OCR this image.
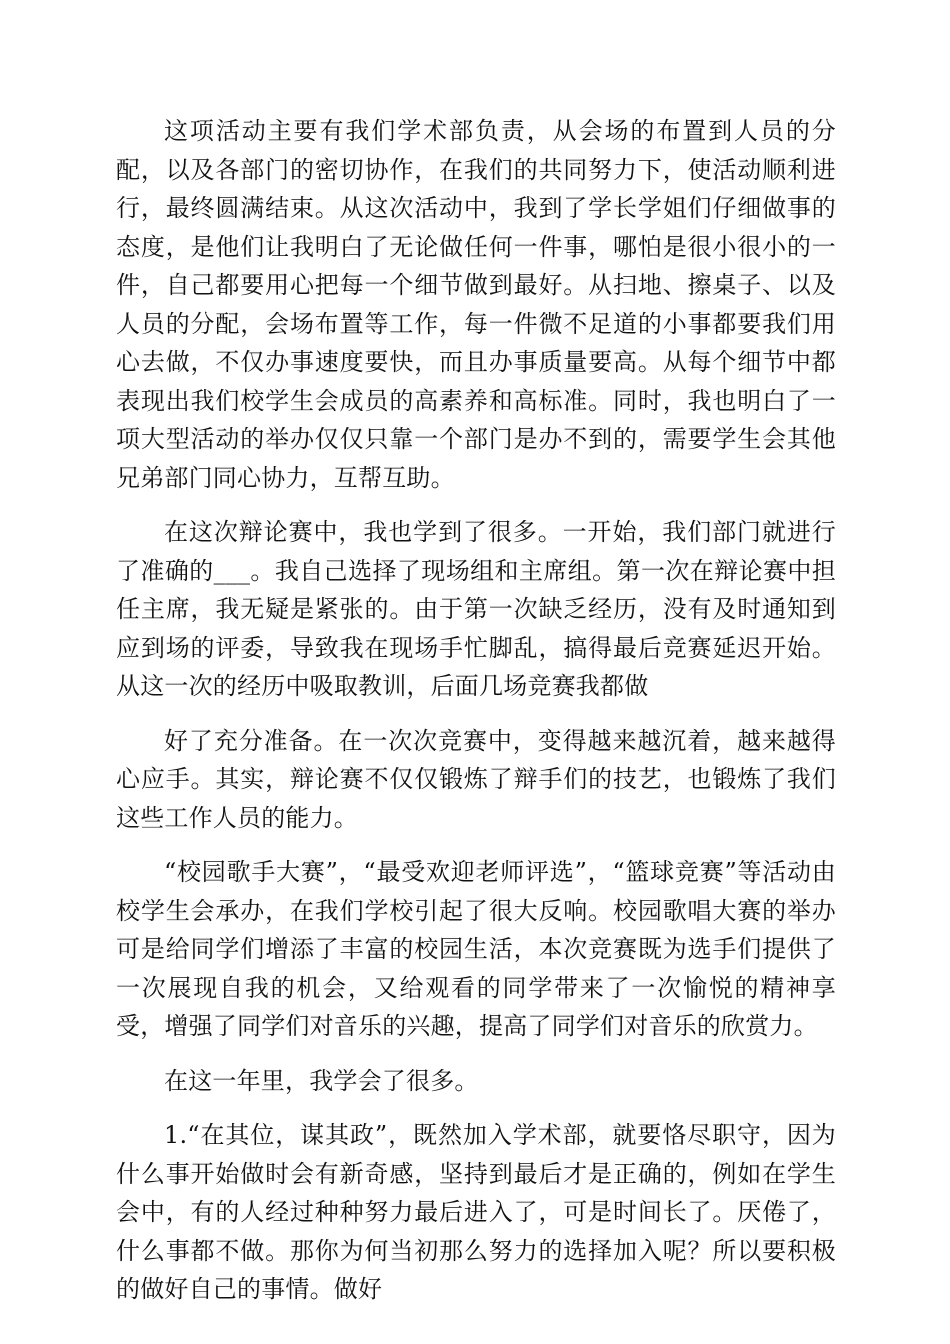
这项活动主要有我们学术部负责，从会场的布置到人员的分配，以及各部门的密切协作，在我们的共同努力下，使活动顺利进行，最终圆满结束。从这次活动中，我到了学长学姐们仔细做事的态度，是他们让我明白了无论做任何一件事，哪怕是很小很小的一件，自己都要用心把每一个细节做到最好。从扫地、擦桌子、以及人员的分配，会场布置等工作，每一件微不足道的小事都要我们用心去做，不仅办事速度要快，而且办事质量要高。从每个细节中都表现出我们校学生会成员的高素养和高标准。同时，我也明白了一项大型活动的举办仅仅只靠一个部门是办不到的，需要学生会其他兄弟部门同心协力，互帮互助。

在这次辩论赛中，我也学到了很多。一开始，我们部门就进行了准确的___。我自己选择了现场组和主席组。第一次在辩论赛中担任主席，我无疑是紧张的。由于第一次缺乏经历，没有及时通知到应到场的评委，导致我在现场手忙脚乱，搞得最后竞赛延迟开始。从这一次的经历中吸取教训，后面几场竞赛我都做

好了充分准备。在一次次竞赛中，变得越来越沉着，越来越得心应手。其实，辩论赛不仅仅锻炼了辩手们的技艺，也锻炼了我们这些工作人员的能力。

“校园歌手大赛”，“最受欢迎老师评选”，“篮球竞赛”等活动由校学生会承办，在我们学校引起了很大反响。校园歌唱大赛的举办可是给同学们增添了丰富的校园生活，本次竞赛既为选手们提供了一次展现自我的机会，又给观看的同学带来了一次愉悦的精神享受，增强了同学们对音乐的兴趣，提高了同学们对音乐的欣赏力。

在这一年里，我学会了很多。

1.“在其位，谋其政”，既然加入学术部，就要恪尽职守，因为什么事开始做时会有新奇感，坚持到最后才是正确的，例如在学生会中，有的人经过种种努力最后进入了，可是时间长了。厌倦了，什么事都不做。那你为何当初那么努力的选择加入呢？所以要积极的做好自己的事情。做好
